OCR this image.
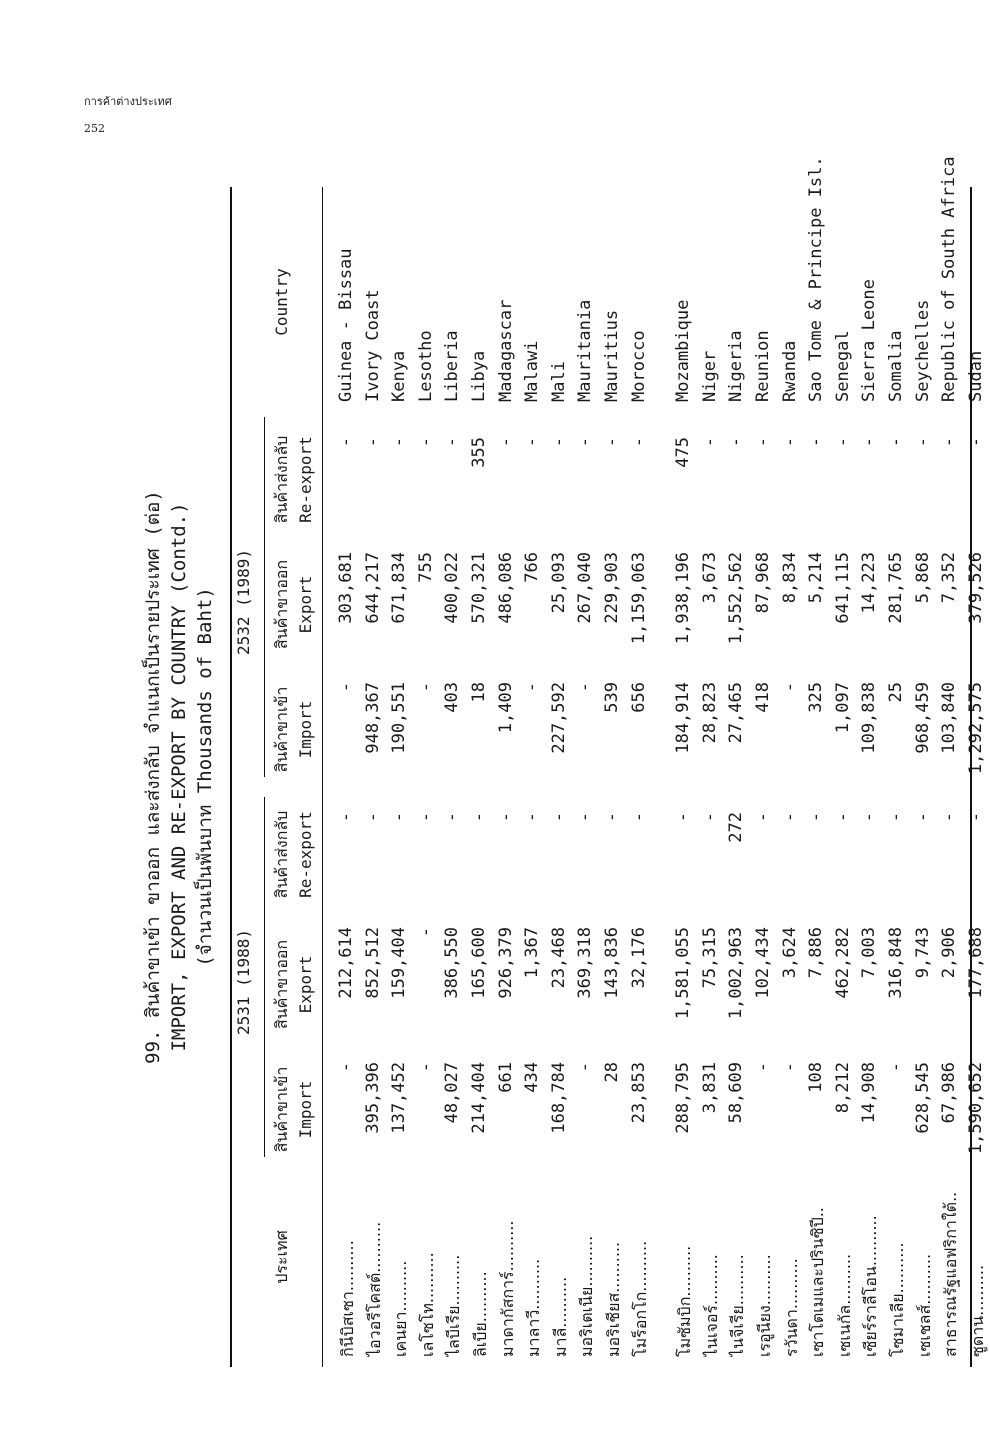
การค้าต่างประเทศ
252
99. สินค้าขาเข้า ขาออก และส่งกลับ จำแนกเป็นรายประเทศ (ต่อ) IMPORT, EXPORT AND RE-EXPORT BY COUNTRY (Contd.) (จำนวนเป็นพันบาท Thousands of Baht)
ประเทศ
2531 (1988)
2532 (1989)
สินค้าขาเข้า Import
สินค้าขาออก Export
สินค้าส่งกลับ Re-export
สินค้าขาเข้า Import
สินค้าขาออก Export
สินค้าส่งกลับ Re-export
Country
กินีบิสเซา..........
-
212,614
-
-
303,681
-
Guinea - Bissau
ไอวอรีโคสต์..........
395,396
852,512
-
948,367
644,217
-
Ivory Coast
เคนยา..........
137,452
159,404
-
190,551
671,834
-
Kenya
เลโซโท..........
-
-
-
-
755
-
Lesotho
ไลบีเรีย..........
48,027
386,550
-
403
400,022
-
Liberia
ลิเบีย..........
214,404
165,600
-
18
570,321
355
Libya
มาดากัสการ์..........
661
926,379
-
1,409
486,086
-
Madagascar
มาลาวี..........
434
1,367
-
-
766
-
Malawi
มาลี..........
168,784
23,468
-
227,592
25,093
-
Mali
มอริเตเนีย..........
-
369,318
-
-
267,040
-
Mauritania
มอริเชียส..........
28
143,836
-
539
229,903
-
Mauritius
โมร็อกโก..........
23,853
32,176
-
656
1,159,063
-
Morocco
โมซัมบิก..........
288,795
1,581,055
-
184,914
1,938,196
475
Mozambique
ไนเจอร์..........
3,831
75,315
-
28,823
3,673
-
Niger
ไนจีเรีย..........
58,609
1,002,963
272
27,465
1,552,562
-
Nigeria
เรอูนียง..........
-
102,434
-
418
87,968
-
Reunion
รวันดา..........
-
3,624
-
-
8,834
-
Rwanda
เซาโตเมและปรินซิปี..
108
7,886
-
325
5,214
-
Sao Tome & Principe Isl.
เซเนกัล..........
8,212
462,282
-
1,097
641,115
-
Senegal
เซียร์ราลีโอน..........
14,908
7,003
-
109,838
14,223
-
Sierra Leone
โซมาเลีย..........
-
316,848
-
25
281,765
-
Somalia
เซเชลส์..........
628,545
9,743
-
968,459
5,868
-
Seychelles
สาธารณรัฐแอฟริกาใต้..
67,986
2,906
-
103,840
7,352
-
Republic of South Africa
ซูดาน..........
1,590,652
177,688
-
1,292,575
379,526
-
Sudan
